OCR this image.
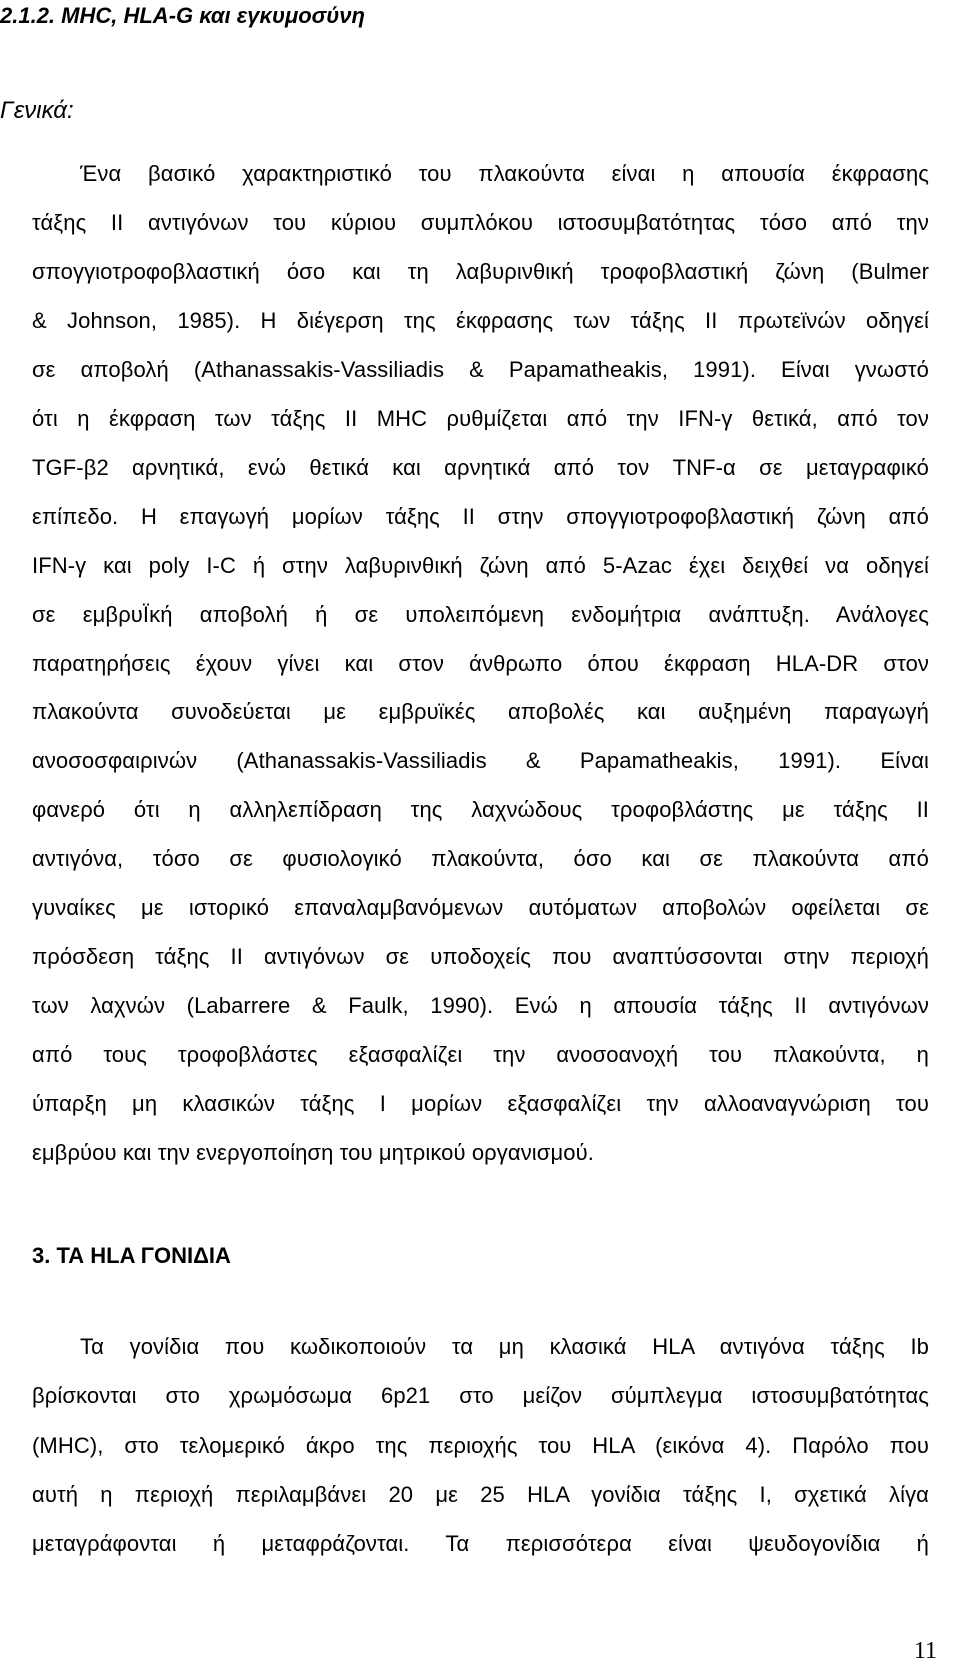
2.1.2. MHC, HLA-G και εγκυμοσύνη

Γενικά:

Ένα βασικό χαρακτηριστικό του πλακούντα είναι η απουσία έκφρασης
τάξης ΙΙ αντιγόνων του κύριου συμπλόκου ιστοσυμβατότητας τόσο από την
σπογγιοτροφοβλαστική όσο και τη λαβυρινθική τροφοβλαστική ζώνη (Bulmer
& Johnson, 1985). Η διέγερση της έκφρασης των τάξης ΙΙ πρωτεϊνών οδηγεί
σε αποβολή (Athanassakis-Vassiliadis & Papamatheakis, 1991). Είναι γνωστό
ότι η έκφραση των τάξης ΙΙ MHC ρυθμίζεται από την IFN-γ θετικά, από τον
TGF-β2 αρνητικά, ενώ θετικά και αρνητικά από τον TNF-α σε μεταγραφικό
επίπεδο. Η επαγωγή μορίων τάξης ΙΙ στην σπογγιοτροφοβλαστική ζώνη από
IFN-γ και poly I-C ή στην λαβυρινθική ζώνη από 5-Azac έχει δειχθεί να οδηγεί
σε εμβρυΪκή αποβολή ή σε υπολειπόμενη ενδομήτρια ανάπτυξη. Ανάλογες
παρατηρήσεις έχουν γίνει και στον άνθρωπο όπου έκφραση HLA-DR στον
πλακούντα συνοδεύεται με εμβρυϊκές αποβολές και αυξημένη παραγωγή
ανοσοσφαιρινών (Athanassakis-Vassiliadis & Papamatheakis, 1991). Είναι
φανερό ότι η αλληλεπίδραση της λαχνώδους τροφοβλάστης με τάξης ΙΙ
αντιγόνα, τόσο σε φυσιολογικό πλακούντα, όσο και σε πλακούντα από
γυναίκες με ιστορικό επαναλαμβανόμενων αυτόματων αποβολών οφείλεται σε
πρόσδεση τάξης ΙΙ αντιγόνων σε υποδοχείς που αναπτύσσονται στην περιοχή
των λαχνών (Labarrere & Faulk, 1990). Ενώ η απουσία τάξης ΙΙ αντιγόνων
από τους τροφοβλάστες εξασφαλίζει την ανοσοανοχή του πλακούντα, η
ύπαρξη μη κλασικών τάξης Ι μορίων εξασφαλίζει την αλλοαναγνώριση του
εμβρύου και την ενεργοποίηση του μητρικού οργανισμού.

3. ΤΑ HLA ΓΟΝΙΔΙΑ

Τα γονίδια που κωδικοποιούν τα μη κλασικά HLA αντιγόνα τάξης Ιb
βρίσκονται στο χρωμόσωμα 6p21 στο μείζον σύμπλεγμα ιστοσυμβατότητας
(MHC), στο τελομερικό άκρο της περιοχής του HLA (εικόνα 4). Παρόλο που
αυτή η περιοχή περιλαμβάνει 20 με 25 HLA γονίδια τάξης Ι, σχετικά λίγα
μεταγράφονται ή μεταφράζονται. Τα περισσότερα είναι ψευδογονίδια ή

11
